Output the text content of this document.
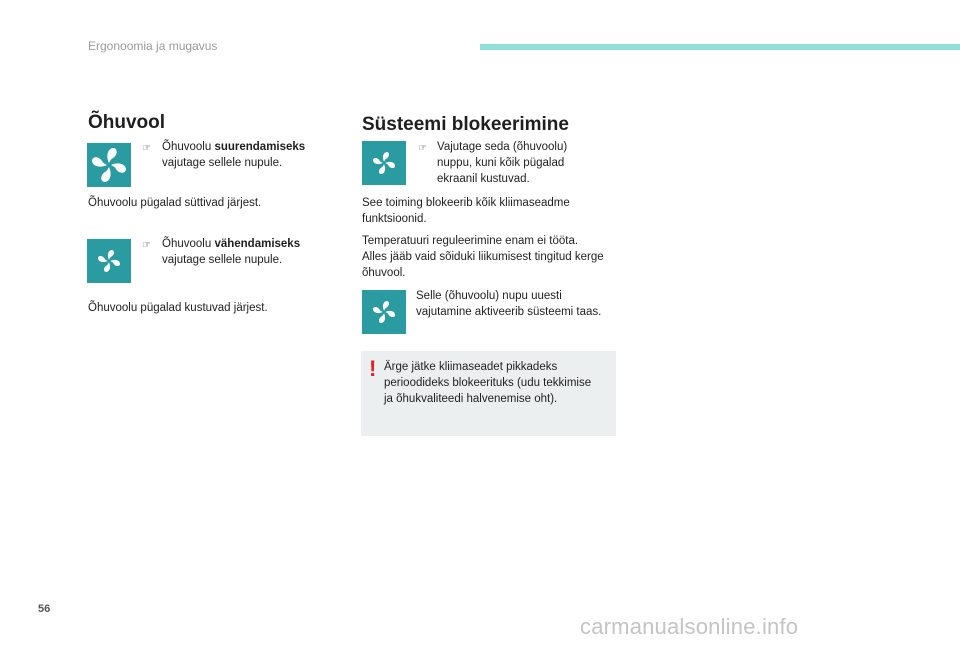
Ergonoomia ja mugavus
Õhuvool
☞ Õhuvoolu suurendamiseks
vajutage sellele nupule.
Õhuvoolu pügalad süttivad järjest.
☞ Õhuvoolu vähendamiseks
vajutage sellele nupule.
Õhuvoolu pügalad kustuvad järjest.
Süsteemi blokeerimine
☞ Vajutage seda (õhuvoolu)
nuppu, kuni kõik pügalad
ekraanil kustuvad.
See toiming blokeerib kõik kliimaseadme
funktsioonid.
Temperatuuri reguleerimine enam ei tööta.
Alles jääb vaid sõiduki liikumisest tingitud kerge
õhuvool.
Selle (õhuvoolu) nupu uuesti
vajutamine aktiveerib süsteemi taas.
! Ärge jätke kliimaseadet pikkadeks
perioodideks blokeerituks (udu tekkimise
ja õhukvaliteedi halvenemise oht).
56
carmanualsonline.info
